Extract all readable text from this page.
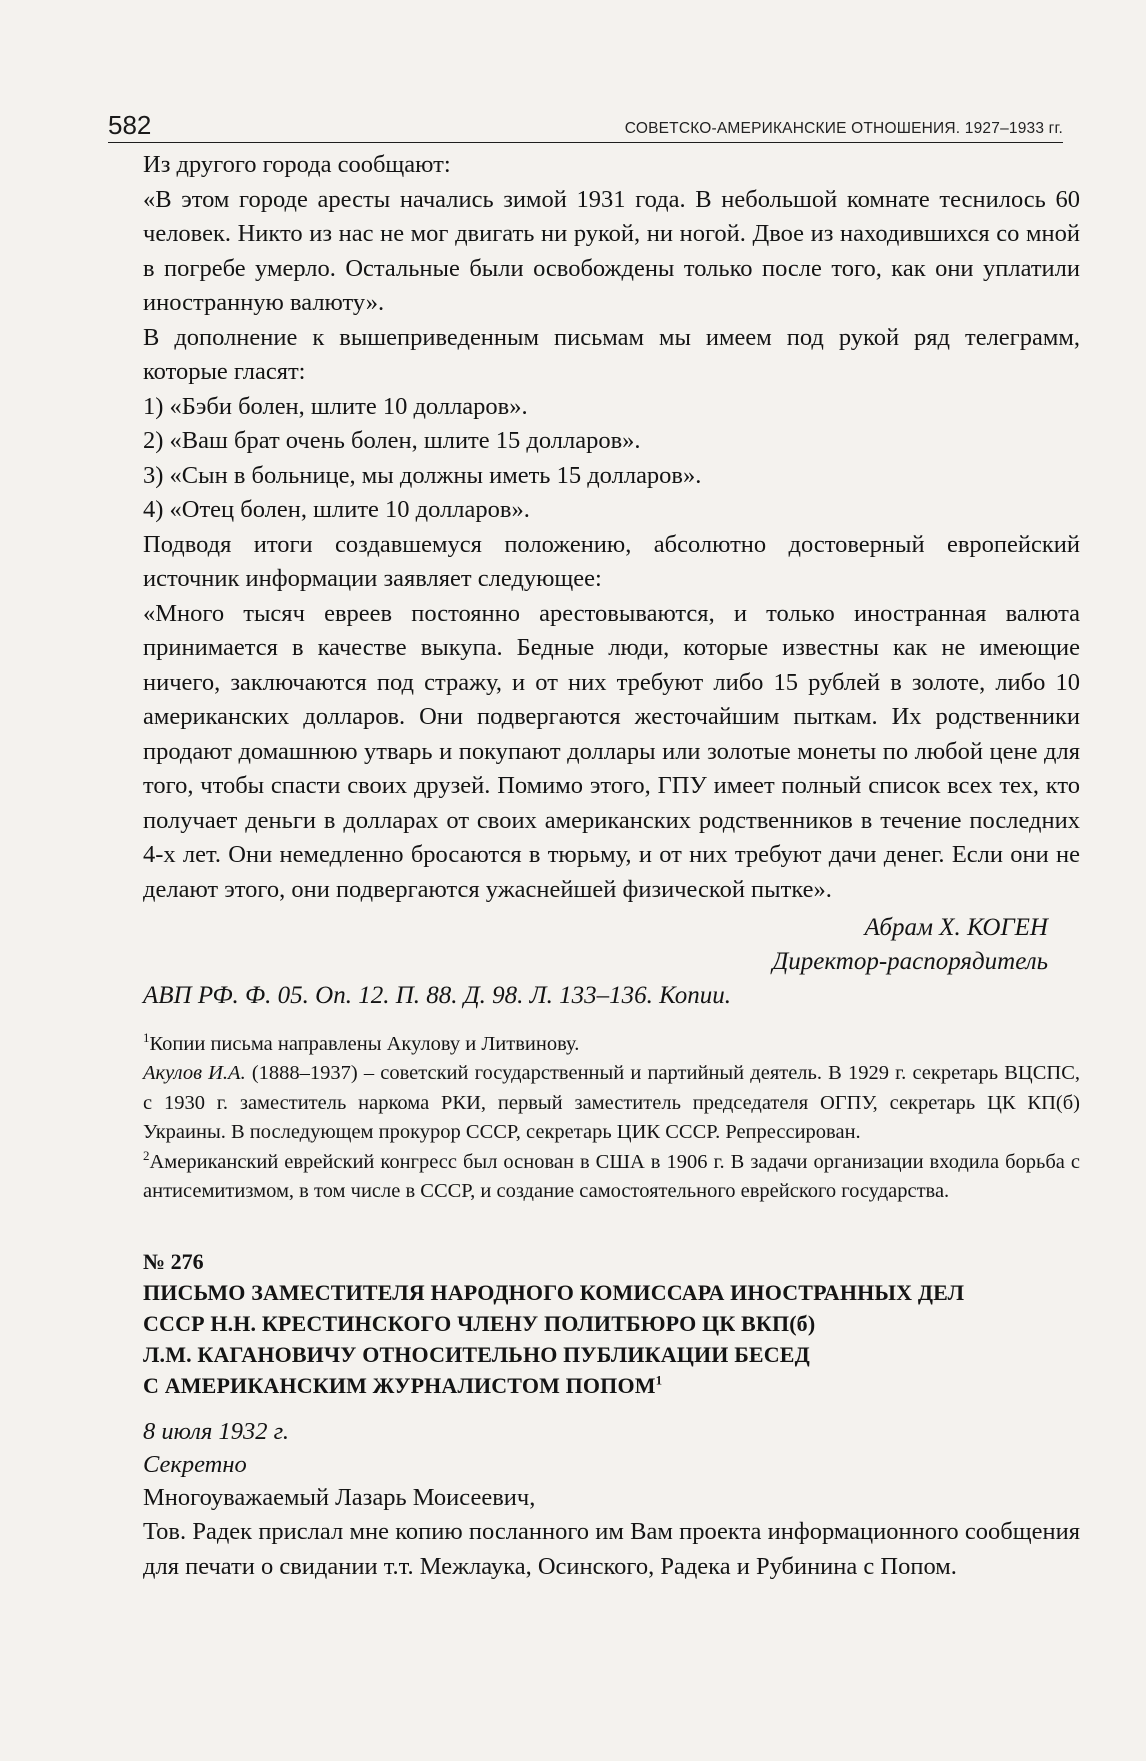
582	СОВЕТСКО-АМЕРИКАНСКИЕ ОТНОШЕНИЯ. 1927–1933 гг.

Из другого города сообщают:

«В этом городе аресты начались зимой 1931 года. В небольшой комнате теснилось 60 человек. Никто из нас не мог двигать ни рукой, ни ногой. Двое из находившихся со мной в погребе умерло. Остальные были освобождены только после того, как они уплатили иностранную валюту».

В дополнение к вышеприведенным письмам мы имеем под рукой ряд телеграмм, которые гласят:

1) «Бэби болен, шлите 10 долларов».

2) «Ваш брат очень болен, шлите 15 долларов».

3) «Сын в больнице, мы должны иметь 15 долларов».

4) «Отец болен, шлите 10 долларов».

Подводя итоги создавшемуся положению, абсолютно достоверный европейский источник информации заявляет следующее:

«Много тысяч евреев постоянно арестовываются, и только иностранная валюта принимается в качестве выкупа. Бедные люди, которые известны как не имеющие ничего, заключаются под стражу, и от них требуют либо 15 рублей в золоте, либо 10 американских долларов. Они подвергаются жесточайшим пыткам. Их родственники продают домашнюю утварь и покупают доллары или золотые монеты по любой цене для того, чтобы спасти своих друзей. Помимо этого, ГПУ имеет полный список всех тех, кто получает деньги в долларах от своих американских родственников в течение последних 4-х лет. Они немедленно бросаются в тюрьму, и от них требуют дачи денег. Если они не делают этого, они подвергаются ужаснейшей физической пытке».

Абрам Х. КОГЕН
Директор-распорядитель

АВП РФ. Ф. 05. Оп. 12. П. 88. Д. 98. Л. 133–136. Копии.

$^1$Копии письма направлены Акулову и Литвинову.

Акулов И.А. (1888–1937) – советский государственный и партийный деятель. В 1929 г. секретарь ВЦСПС, с 1930 г. заместитель наркома РКИ, первый заместитель председателя ОГПУ, секретарь ЦК КП(б) Украины. В последующем прокурор СССР, секретарь ЦИК СССР. Репрессирован.

$^2$Американский еврейский конгресс был основан в США в 1906 г. В задачи организации входила борьба с антисемитизмом, в том числе в СССР, и создание самостоятельного еврейского государства.

№ 276
ПИСЬМО ЗАМЕСТИТЕЛЯ НАРОДНОГО КОМИССАРА ИНОСТРАННЫХ ДЕЛ
СССР Н.Н. КРЕСТИНСКОГО ЧЛЕНУ ПОЛИТБЮРО ЦК ВКП(б)
Л.М. КАГАНОВИЧУ ОТНОСИТЕЛЬНО ПУБЛИКАЦИИ БЕСЕД
С АМЕРИКАНСКИМ ЖУРНАЛИСТОМ ПОПОМ$^1$
8 июля 1932 г.
Секретно

Многоуважаемый Лазарь Моисеевич,

Тов. Радек прислал мне копию посланного им Вам проекта информационного сообщения для печати о свидании т.т. Межлаука, Осинского, Радека и Рубинина с Попом.
